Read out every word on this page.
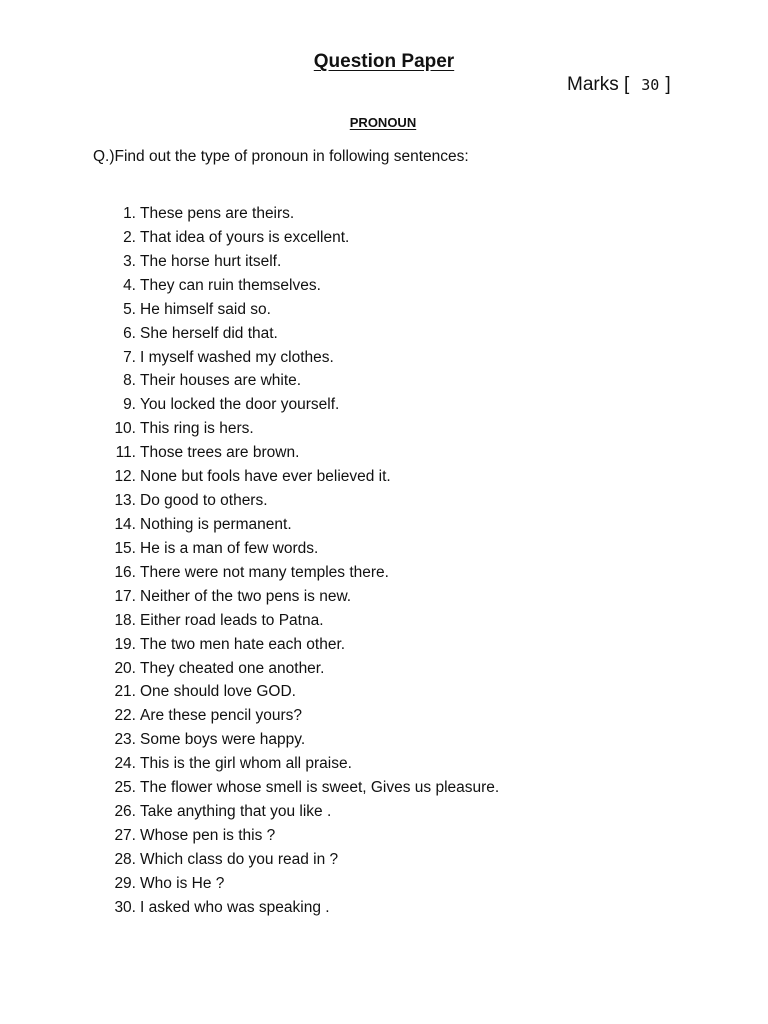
Question Paper
Marks [ 30 ]
PRONOUN
Q.)Find out the type of pronoun in following sentences:
1. These pens are theirs.
2. That idea of yours is excellent.
3. The horse hurt itself.
4. They can ruin themselves.
5. He himself said so.
6. She herself did that.
7. I myself washed my clothes.
8. Their houses are white.
9. You locked the door yourself.
10. This ring is hers.
11. Those trees are brown.
12. None but fools have ever believed it.
13. Do good to others.
14. Nothing is permanent.
15. He is a man of few words.
16. There were not many temples there.
17. Neither of the two pens is new.
18. Either road leads to Patna.
19. The two men hate each other.
20. They cheated one another.
21. One should love GOD.
22. Are these pencil yours?
23. Some boys were happy.
24. This is the girl whom all praise.
25. The flower whose smell is sweet, Gives us pleasure.
26. Take anything that you like .
27. Whose pen is this ?
28. Which class do you read in ?
29. Who is He ?
30. I asked who was speaking .
